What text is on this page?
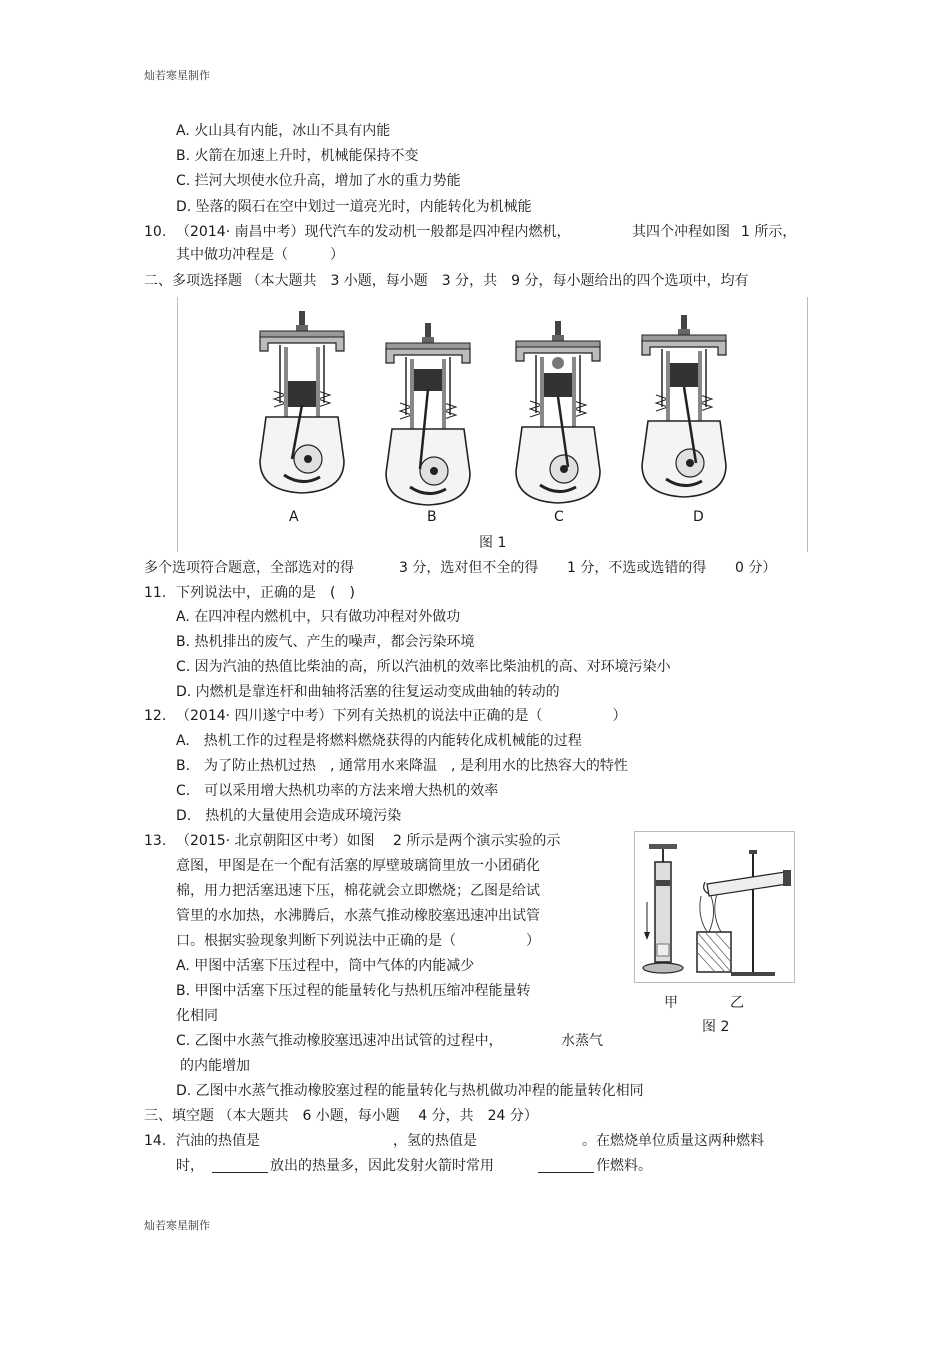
灿若寒星制作
灿若寒星制作
A. 火山具有内能，冰山不具有内能
B. 火箭在加速上升时，机械能保持不变
C. 拦河大坝使水位升高，增加了水的重力势能
D. 坠落的陨石在空中划过一道亮光时，内能转化为机械能
10. （2014· 南昌中考）现代汽车的发动机一般都是四冲程内燃机，	其四个冲程如图 1 所示，
其中做功冲程是（　　　）
二、多项选择题 （本大题共　3 小题，每小题　3 分，共　9 分，每小题给出的四个选项中，均有
A	B	C	D
图 1
多个选项符合题意，全部选对的得	3 分，选对但不全的得 1 分，不选或选错的得 0 分）
11. 下列说法中，正确的是　(　)
A. 在四冲程内燃机中，只有做功冲程对外做功
B. 热机排出的废气、产生的噪声，都会污染环境
C. 因为汽油的热值比柴油的高，所以汽油机的效率比柴油机的高、对环境污染小
D. 内燃机是靠连杆和曲轴将活塞的往复运动变成曲轴的转动的
12. （2014· 四川遂宁中考）下列有关热机的说法中正确的是（　　　　　）
A.　热机工作的过程是将燃料燃烧获得的内能转化成机械能的过程
B.　为了防止热机过热　, 通常用水来降温　, 是利用水的比热容大的特性
C.　可以采用增大热机功率的方法来增大热机的效率
D.　热机的大量使用会造成环境污染
13. （2015· 北京朝阳区中考）如图　 2 所示是两个演示实验的示
意图，甲图是在一个配有活塞的厚壁玻璃筒里放一小团硝化
棉，用力把活塞迅速下压，棉花就会立即燃烧；乙图是给试
管里的水加热，水沸腾后，水蒸气推动橡胶塞迅速冲出试管
口。根据实验现象判断下列说法中正确的是（　　　　　）
A. 甲图中活塞下压过程中，筒中气体的内能减少
B. 甲图中活塞下压过程的能量转化与热机压缩冲程能量转
化相同
C. 乙图中水蒸气推动橡胶塞迅速冲出试管的过程中，	水蒸气
的内能增加
D. 乙图中水蒸气推动橡胶塞过程的能量转化与热机做功冲程的能量转化相同
甲	乙
图 2
三、填空题 （本大题共　6 小题，每小题　 4 分，共　24 分）
14. 汽油的热值是	，氢的热值是	。在燃烧单位质量这两种燃料
时，	放出的热量多，因此发射火箭时常用	作燃料。
